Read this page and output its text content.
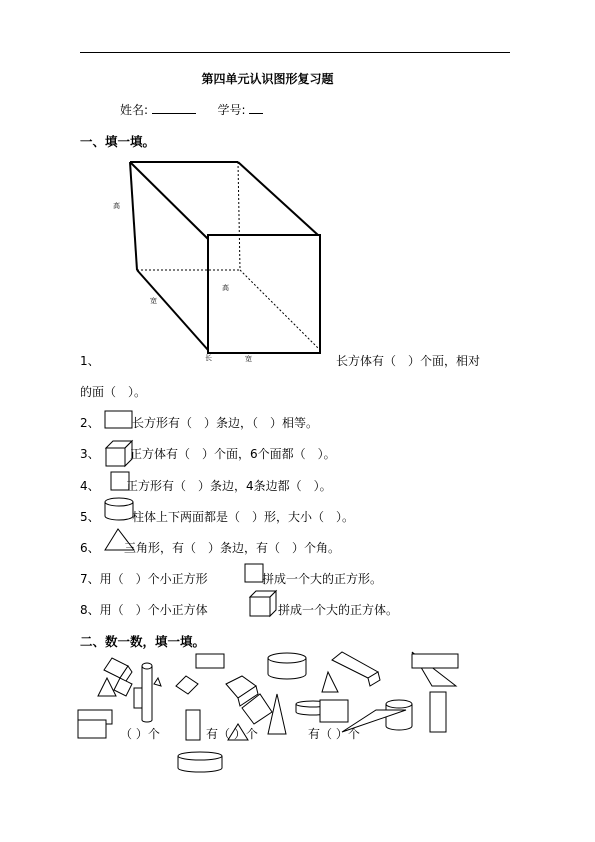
第四单元认识图形复习题
姓名:	学号:
一、填一填。
高
宽
高
长	宽
1、	长方体有（　）个面，相对
的面（　）。
2、	长方形有（　）条边，（　）相等。
3、	正方体有（　）个面，6个面都（　）。
4、 正方形有（　）条边，4条边都（　）。
5、	柱体上下两面都是（　）形，大小（　）。
6、 三角形，有（　）条边，有（　）个角。
7、用（　）个小正方形	拼成一个大的正方形。
8、用（　）个小正方体	拼成一个大的正方体。
二、数一数，填一填。
（ ）个	有（ ）个	有（ ）个
